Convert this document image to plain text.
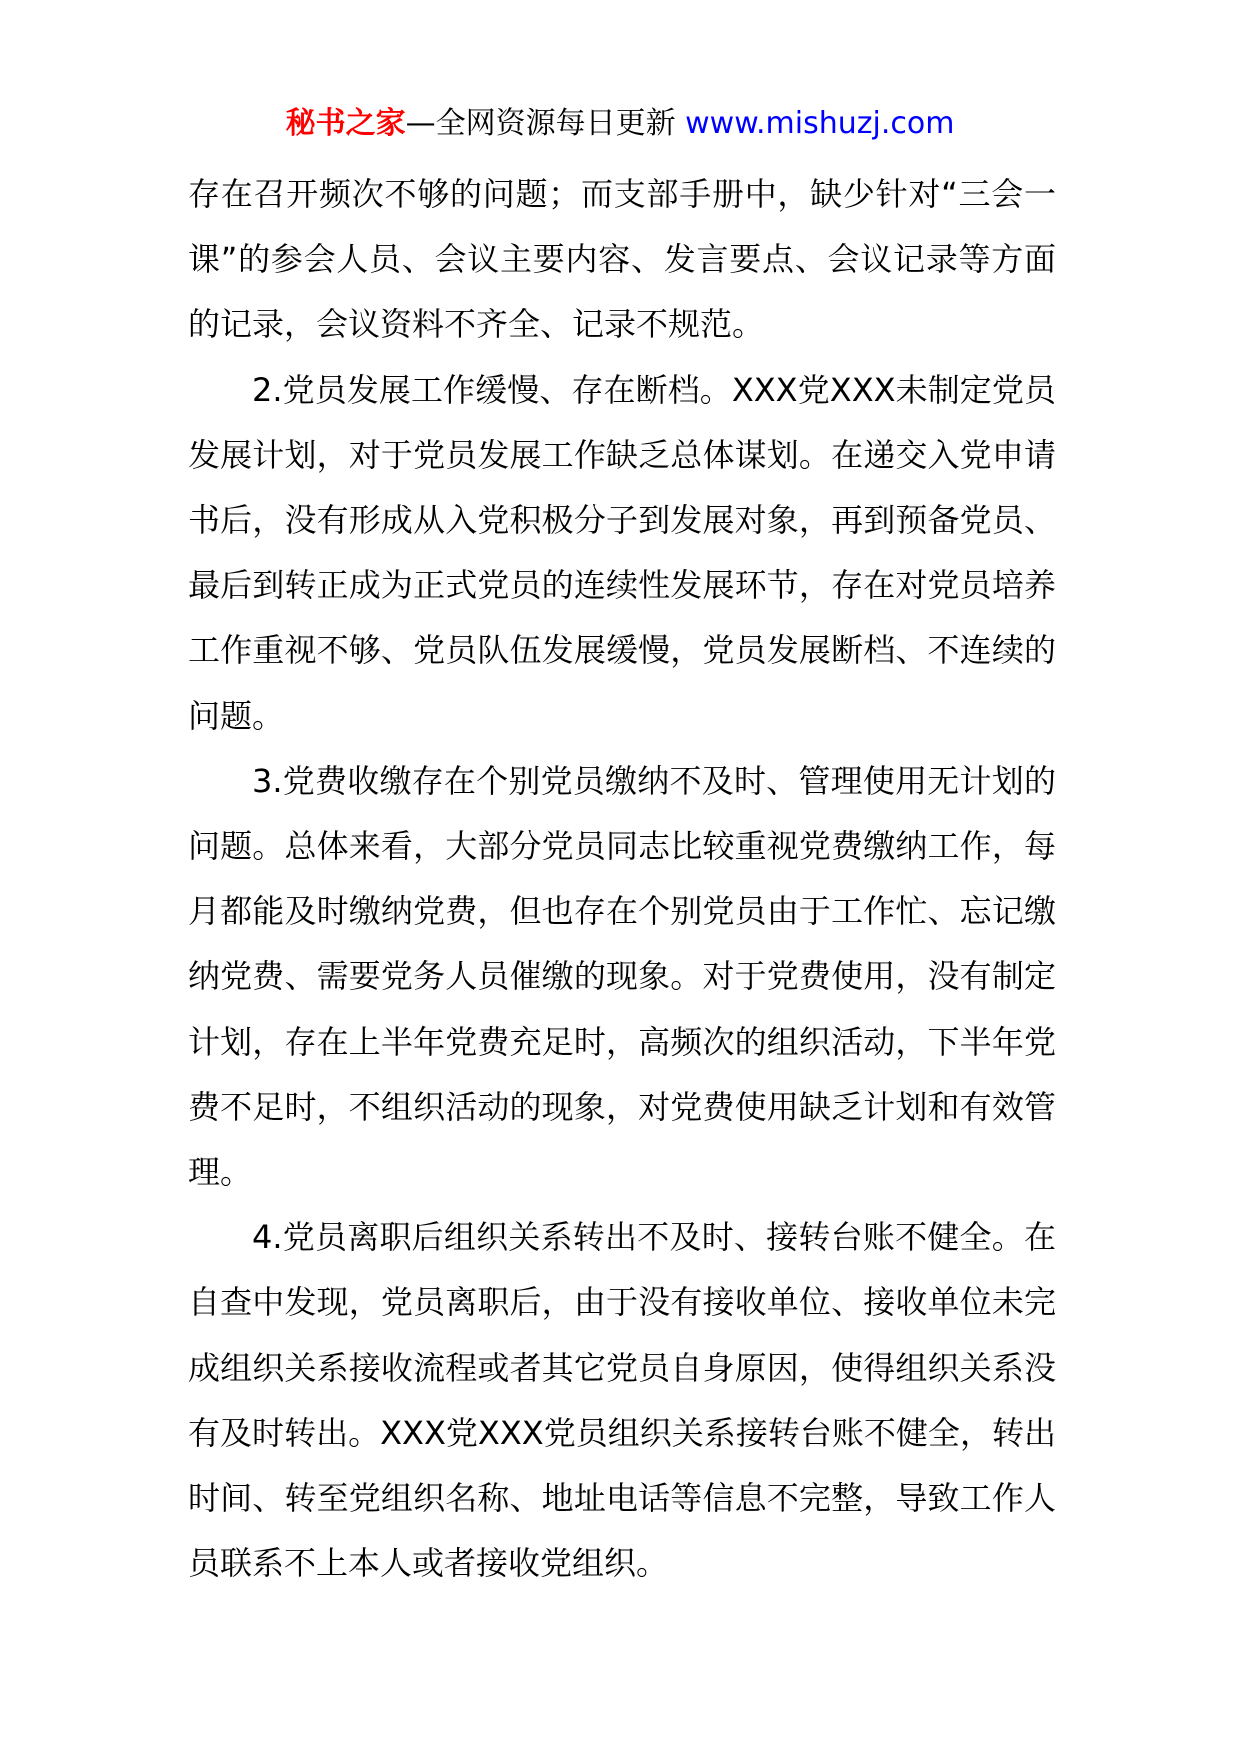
秘书之家—全网资源每日更新 www.mishuzj.com

存在召开频次不够的问题；而支部手册中，缺少针对“三会一课”的参会人员、会议主要内容、发言要点、会议记录等方面的记录，会议资料不齐全、记录不规范。

2.党员发展工作缓慢、存在断档。XXX党XXX未制定党员发展计划，对于党员发展工作缺乏总体谋划。在递交入党申请书后，没有形成从入党积极分子到发展对象，再到预备党员、最后到转正成为正式党员的连续性发展环节，存在对党员培养工作重视不够、党员队伍发展缓慢，党员发展断档、不连续的问题。

3.党费收缴存在个别党员缴纳不及时、管理使用无计划的问题。总体来看，大部分党员同志比较重视党费缴纳工作，每月都能及时缴纳党费，但也存在个别党员由于工作忙、忘记缴纳党费、需要党务人员催缴的现象。对于党费使用，没有制定计划，存在上半年党费充足时，高频次的组织活动，下半年党费不足时，不组织活动的现象，对党费使用缺乏计划和有效管理。

4.党员离职后组织关系转出不及时、接转台账不健全。在自查中发现，党员离职后，由于没有接收单位、接收单位未完成组织关系接收流程或者其它党员自身原因，使得组织关系没有及时转出。XXX党XXX党员组织关系接转台账不健全，转出时间、转至党组织名称、地址电话等信息不完整，导致工作人员联系不上本人或者接收党组织。
